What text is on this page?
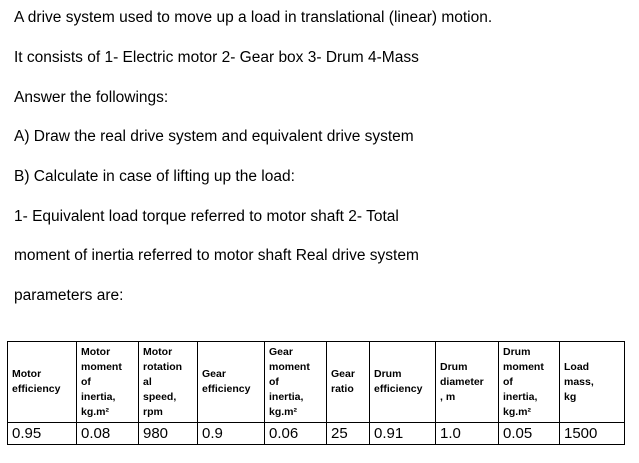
A drive system used to move up a load in translational (linear) motion.
It consists of 1- Electric motor 2- Gear box 3- Drum 4-Mass
Answer the followings:
A) Draw the real drive system and equivalent drive system
B) Calculate in case of lifting up the load:
1- Equivalent load torque referred to motor shaft 2- Total
moment of inertia referred to motor shaft Real drive system
parameters are:
Motor
efficiency	Motor
moment
of
inertia,
kg.m²	Motor
rotation
al
speed,
rpm	Gear
efficiency	Gear
moment
of
inertia,
kg.m²	Gear
ratio	Drum
efficiency	Drum
diameter
, m	Drum
moment
of
inertia,
kg.m²	Load
mass,
kg
0.95	0.08	980	0.9	0.06	25	0.91	1.0	0.05	1500
